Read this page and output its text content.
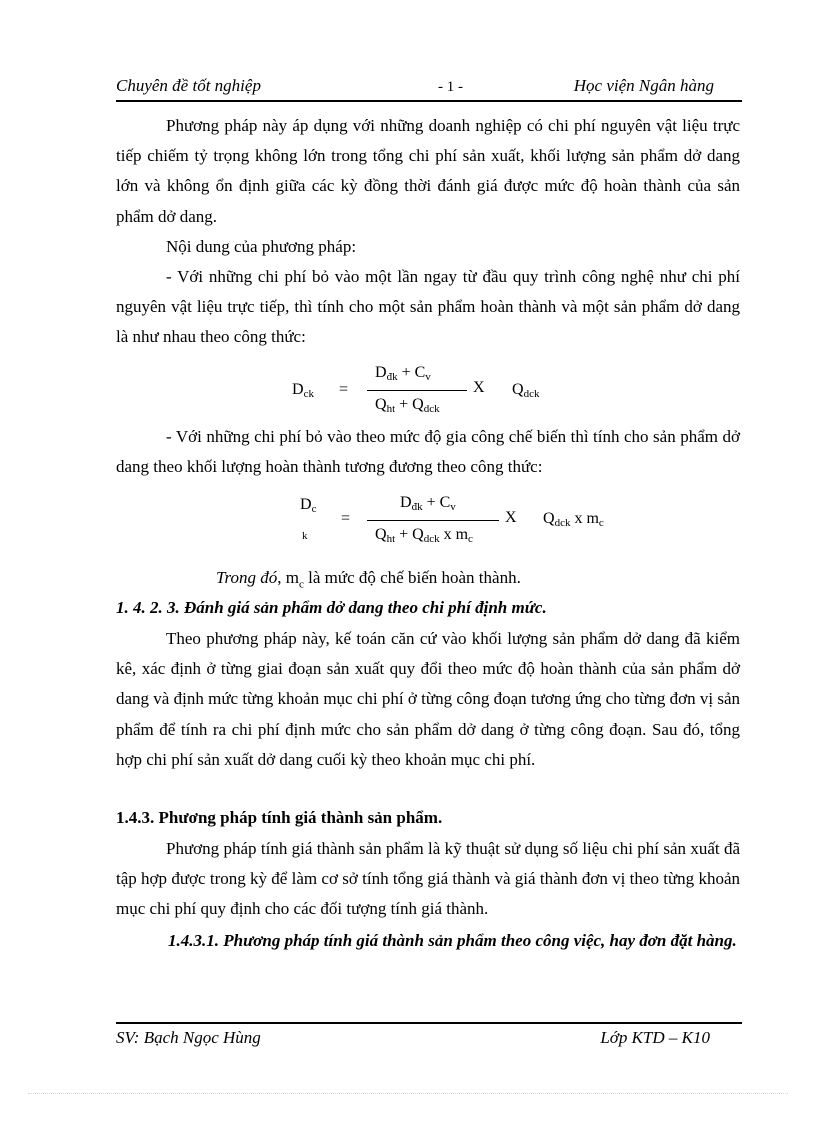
Chuyên đề tốt nghiệp	- 1 -	Học viện Ngân hàng
Phương pháp này áp dụng với những doanh nghiệp có chi phí nguyên vật liệu trực tiếp chiếm tỷ trọng không lớn trong tổng chi phí sản xuất, khối lượng sản phẩm dở dang lớn và không ổn định giữa các kỳ đồng thời đánh giá được mức độ hoàn thành của sản phẩm dở dang.
Nội dung của phương pháp:
- Với những chi phí bỏ vào một lần ngay từ đầu quy trình công nghệ như chi phí nguyên vật liệu trực tiếp, thì tính cho một sản phẩm hoàn thành và một sản phẩm dở dang là như nhau theo công thức:
$D_{ck}$ =
$D_{đk} + C_v$
$Q_{ht} + Q_{dck}$
X $Q_{dck}$
- Với những chi phí bỏ vào theo mức độ gia công chế biến thì tính cho sản phẩm dở dang theo khối lượng hoàn thành tương đương theo công thức:
$D_c$
k
=
$D_{đk} + C_v$
$Q_{ht} + Q_{dck}$ x $m_c$
X $Q_{dck}$ x $m_c$
Trong đó, $m_c$ là mức độ chế biến hoàn thành.
1. 4. 2. 3. Đánh giá sản phẩm dở dang theo chi phí định mức.
Theo phương pháp này, kế toán căn cứ vào khối lượng sản phẩm dở dang đã kiểm kê, xác định ở từng giai đoạn sản xuất quy đổi theo mức độ hoàn thành của sản phẩm dở dang và định mức từng khoản mục chi phí ở từng công đoạn tương ứng cho từng đơn vị sản phẩm để tính ra chi phí định mức cho sản phẩm dở dang ở từng công đoạn. Sau đó, tổng hợp chi phí sản xuất dở dang cuối kỳ theo khoản mục chi phí.
1.4.3. Phương pháp tính giá thành sản phẩm.
Phương pháp tính giá thành sản phẩm là kỹ thuật sử dụng số liệu chi phí sản xuất đã tập hợp được trong kỳ để làm cơ sở tính tổng giá thành và giá thành đơn vị theo từng khoản mục chi phí quy định cho các đối tượng tính giá thành.
1.4.3.1. Phương pháp tính giá thành sản phẩm theo công việc, hay đơn đặt hàng.
SV: Bạch Ngọc Hùng	Lớp KTD – K10
